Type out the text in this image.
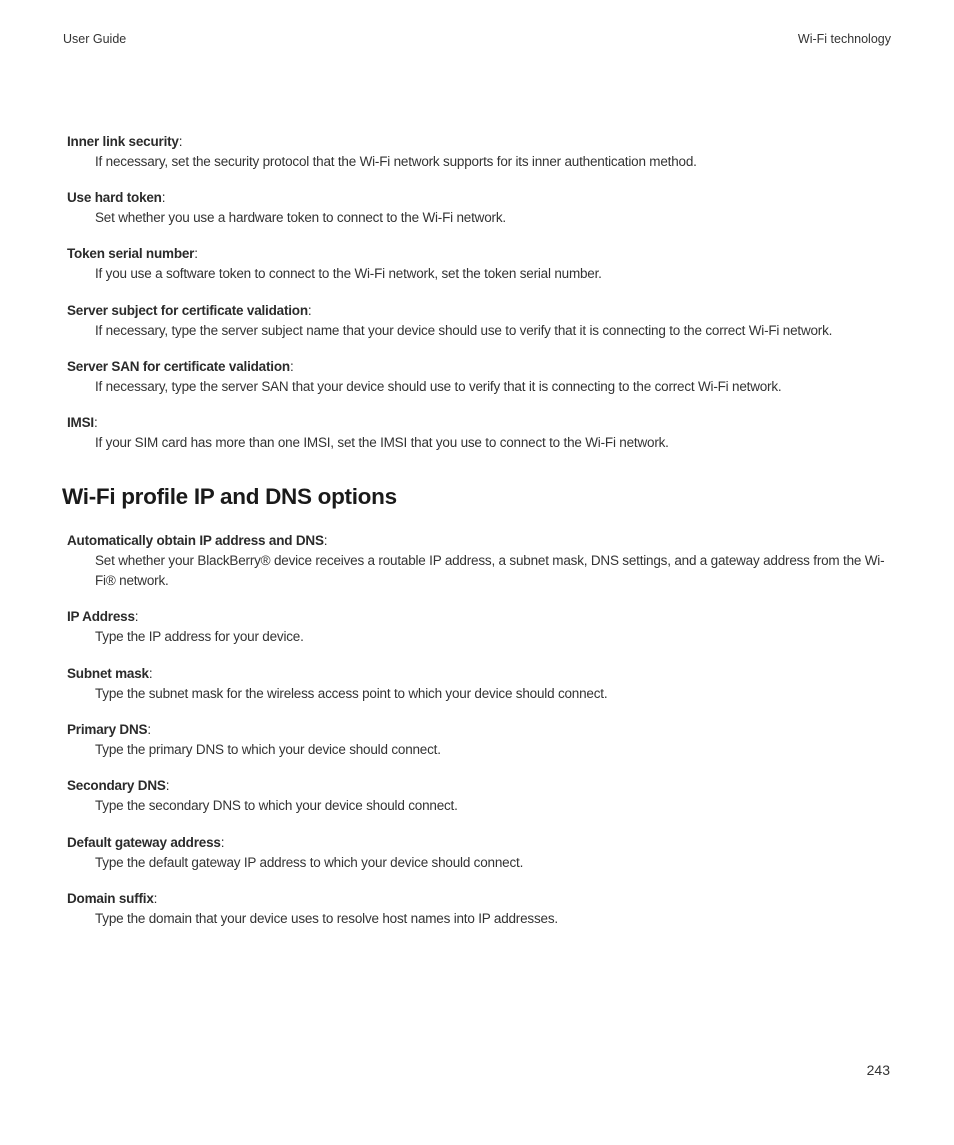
User Guide	Wi-Fi technology
Inner link security:
If necessary, set the security protocol that the Wi-Fi network supports for its inner authentication method.
Use hard token:
Set whether you use a hardware token to connect to the Wi-Fi network.
Token serial number:
If you use a software token to connect to the Wi-Fi network, set the token serial number.
Server subject for certificate validation:
If necessary, type the server subject name that your device should use to verify that it is connecting to the correct Wi-Fi network.
Server SAN for certificate validation:
If necessary, type the server SAN that your device should use to verify that it is connecting to the correct Wi-Fi network.
IMSI:
If your SIM card has more than one IMSI, set the IMSI that you use to connect to the Wi-Fi network.
Wi-Fi profile IP and DNS options
Automatically obtain IP address and DNS:
Set whether your BlackBerry® device receives a routable IP address, a subnet mask, DNS settings, and a gateway address from the Wi-Fi® network.
IP Address:
Type the IP address for your device.
Subnet mask:
Type the subnet mask for the wireless access point to which your device should connect.
Primary DNS:
Type the primary DNS to which your device should connect.
Secondary DNS:
Type the secondary DNS to which your device should connect.
Default gateway address:
Type the default gateway IP address to which your device should connect.
Domain suffix:
Type the domain that your device uses to resolve host names into IP addresses.
243
